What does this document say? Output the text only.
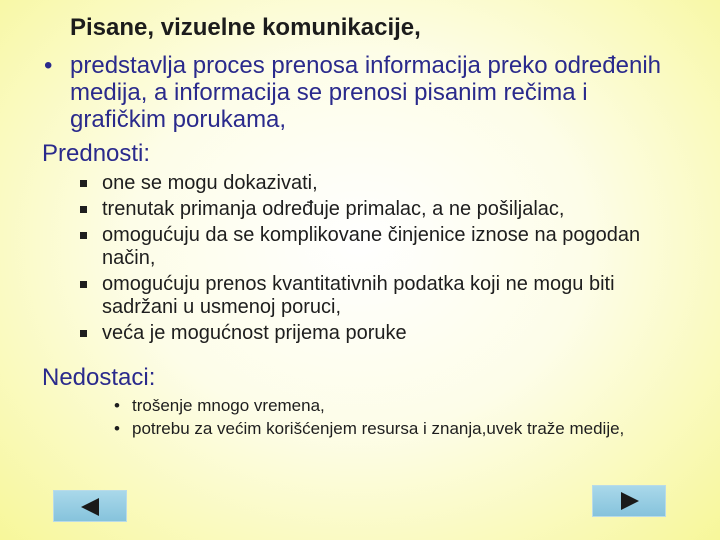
Pisane, vizuelne komunikacije,
• predstavlja proces prenosa informacija preko određenih medija, a informacija se prenosi pisanim rečima i grafičkim porukama,
Prednosti:
one se mogu dokazivati,
trenutak primanja određuje primalac, a ne pošiljalac,
omogućuju da se komplikovane činjenice iznose na pogodan način,
omogućuju prenos kvantitativnih podatka koji ne mogu biti sadržani u usmenoj poruci,
veća je mogućnost prijema poruke
Nedostaci:
• trošenje mnogo vremena,
• potrebu za većim korišćenjem resursa i znanja,uvek traže medije,
